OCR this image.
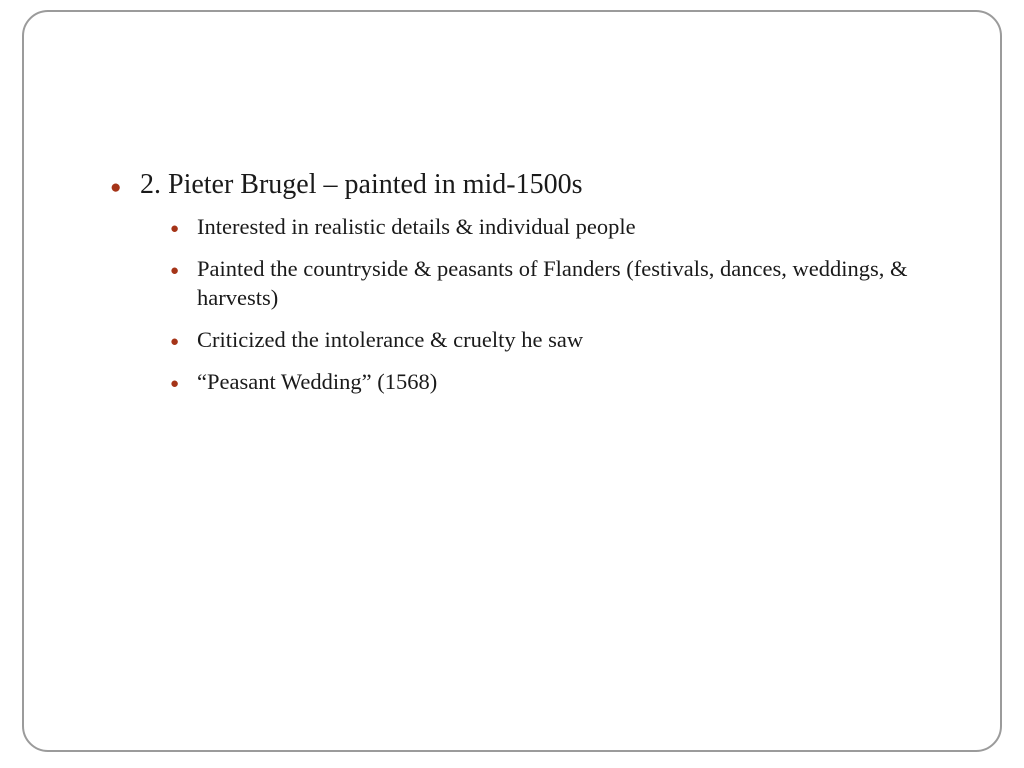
● 2. Pieter Brugel – painted in mid-1500s
● Interested in realistic details & individual people
● Painted the countryside & peasants of Flanders (festivals, dances, weddings, & harvests)
● Criticized the intolerance & cruelty he saw
● “Peasant Wedding” (1568)
